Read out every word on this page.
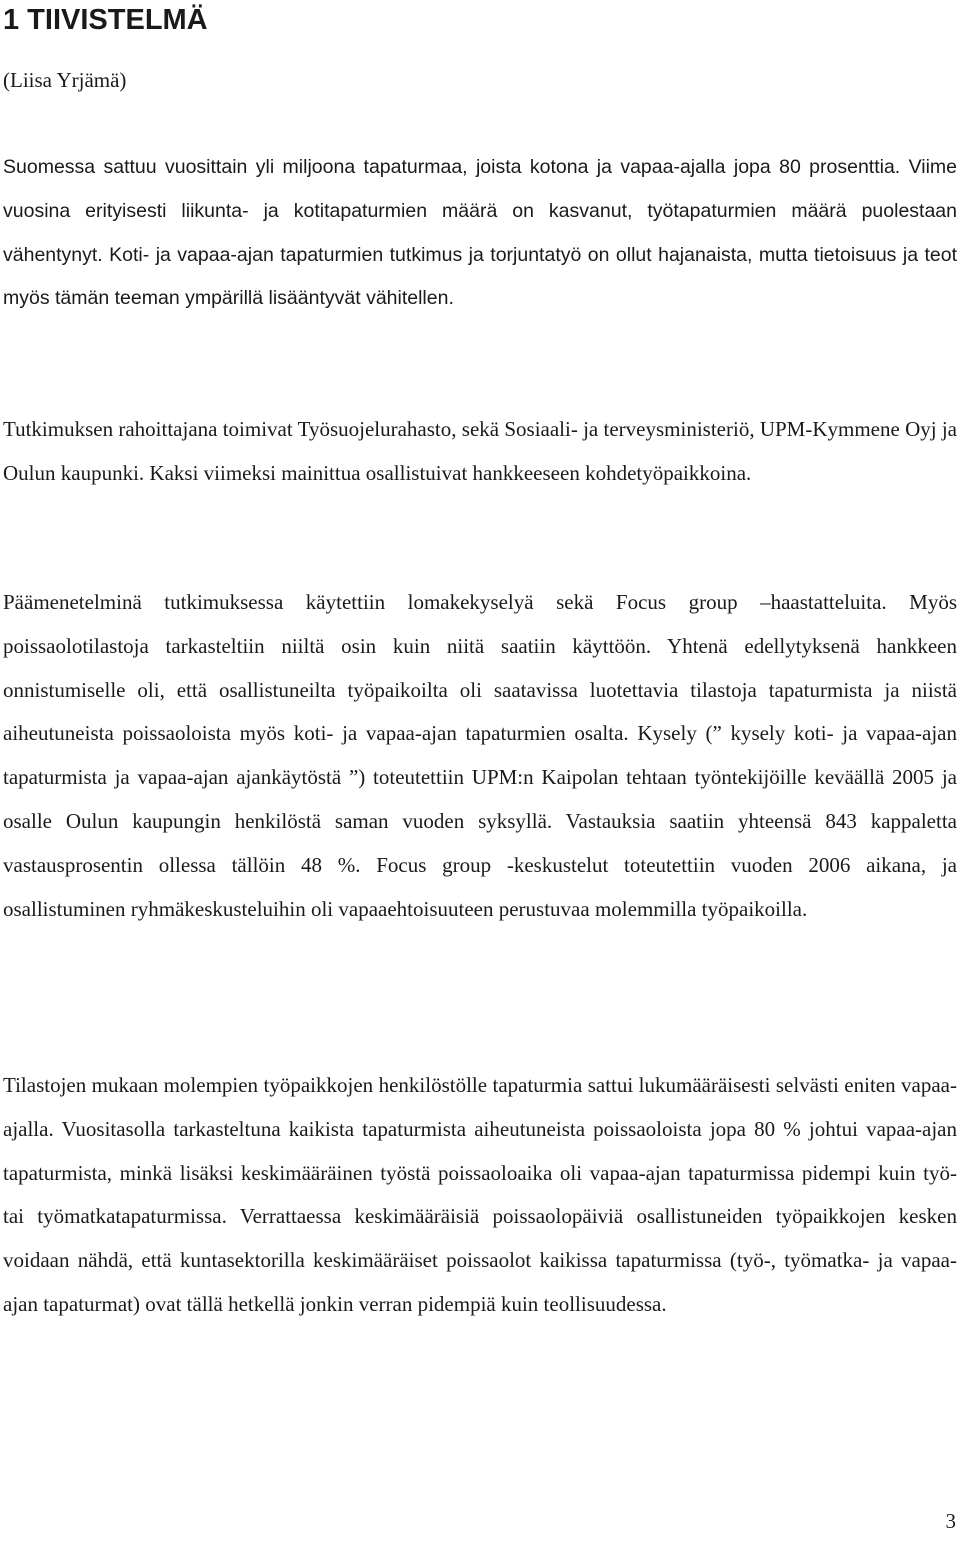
1 TIIVISTELMÄ
(Liisa Yrjämä)

Suomessa sattuu vuosittain yli miljoona tapaturmaa, joista kotona ja vapaa-ajalla jopa 80 prosenttia. Viime vuosina erityisesti liikunta- ja kotitapaturmien määrä on kasvanut, työtapaturmien määrä puolestaan vähentynyt. Koti- ja vapaa-ajan tapaturmien tutkimus ja torjuntatyö on ollut hajanaista, mutta tietoisuus ja teot myös tämän teeman ympärillä lisääntyvät vähitellen.

Tutkimuksen rahoittajana toimivat Työsuojelurahasto, sekä Sosiaali- ja terveysministeriö, UPM-Kymmene Oyj ja Oulun kaupunki. Kaksi viimeksi mainittua osallistuivat hankkeeseen kohdetyöpaikkoina.

Päämenetelminä tutkimuksessa käytettiin lomakekyselyä sekä Focus group –haastatteluita. Myös poissaolotilastoja tarkasteltiin niiltä osin kuin niitä saatiin käyttöön. Yhtenä edellytyksenä hankkeen onnistumiselle oli, että osallistuneilta työpaikoilta oli saatavissa luotettavia tilastoja tapaturmista ja niistä aiheutuneista poissaoloista myös koti- ja vapaa-ajan tapaturmien osalta. Kysely (” kysely koti- ja vapaa-ajan tapaturmista ja vapaa-ajan ajankäytöstä ”) toteutettiin UPM:n Kaipolan tehtaan työntekijöille keväällä 2005 ja osalle Oulun kaupungin henkilöstä saman vuoden syksyllä. Vastauksia saatiin yhteensä 843 kappaletta vastausprosentin ollessa tällöin 48 %. Focus group -keskustelut toteutettiin vuoden 2006 aikana, ja osallistuminen ryhmäkeskusteluihin oli vapaaehtoisuuteen perustuvaa molemmilla työpaikoilla.

Tilastojen mukaan molempien työpaikkojen henkilöstölle tapaturmia sattui lukumääräisesti selvästi eniten vapaa-ajalla. Vuositasolla tarkasteltuna kaikista tapaturmista aiheutuneista poissaoloista jopa 80 % johtui vapaa-ajan tapaturmista, minkä lisäksi keskimääräinen työstä poissaoloaika oli vapaa-ajan tapaturmissa pidempi kuin työ- tai työmatkatapaturmissa. Verrattaessa keskimääräisiä poissaolopäiviä osallistuneiden työpaikkojen kesken voidaan nähdä, että kuntasektorilla keskimääräiset poissaolot kaikissa tapaturmissa (työ-, työmatka- ja vapaa-ajan tapaturmat) ovat tällä hetkellä jonkin verran pidempiä kuin teollisuudessa.

3
